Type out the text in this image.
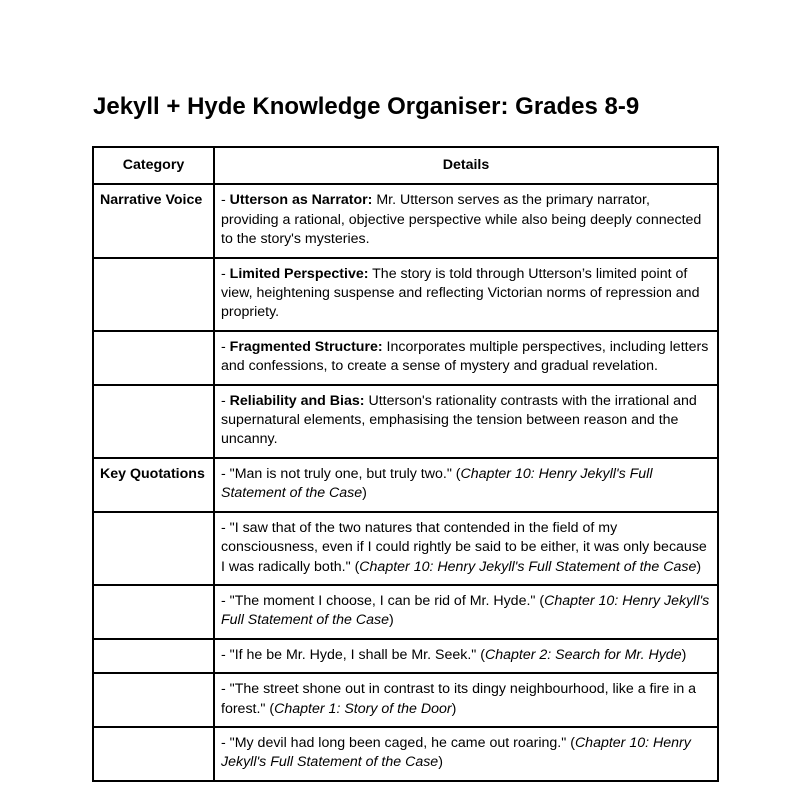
Jekyll + Hyde Knowledge Organiser: Grades 8-9
Category	Details
Narrative Voice	- Utterson as Narrator: Mr. Utterson serves as the primary narrator, providing a rational, objective perspective while also being deeply connected to the story's mysteries.
	- Limited Perspective: The story is told through Utterson’s limited point of view, heightening suspense and reflecting Victorian norms of repression and propriety.
	- Fragmented Structure: Incorporates multiple perspectives, including letters and confessions, to create a sense of mystery and gradual revelation.
	- Reliability and Bias: Utterson's rationality contrasts with the irrational and supernatural elements, emphasising the tension between reason and the uncanny.
Key Quotations	- "Man is not truly one, but truly two." (Chapter 10: Henry Jekyll's Full Statement of the Case)
	- "I saw that of the two natures that contended in the field of my consciousness, even if I could rightly be said to be either, it was only because I was radically both." (Chapter 10: Henry Jekyll's Full Statement of the Case)
	- "The moment I choose, I can be rid of Mr. Hyde." (Chapter 10: Henry Jekyll's Full Statement of the Case)
	- "If he be Mr. Hyde, I shall be Mr. Seek." (Chapter 2: Search for Mr. Hyde)
	- "The street shone out in contrast to its dingy neighbourhood, like a fire in a forest." (Chapter 1: Story of the Door)
	- "My devil had long been caged, he came out roaring." (Chapter 10: Henry Jekyll's Full Statement of the Case)
